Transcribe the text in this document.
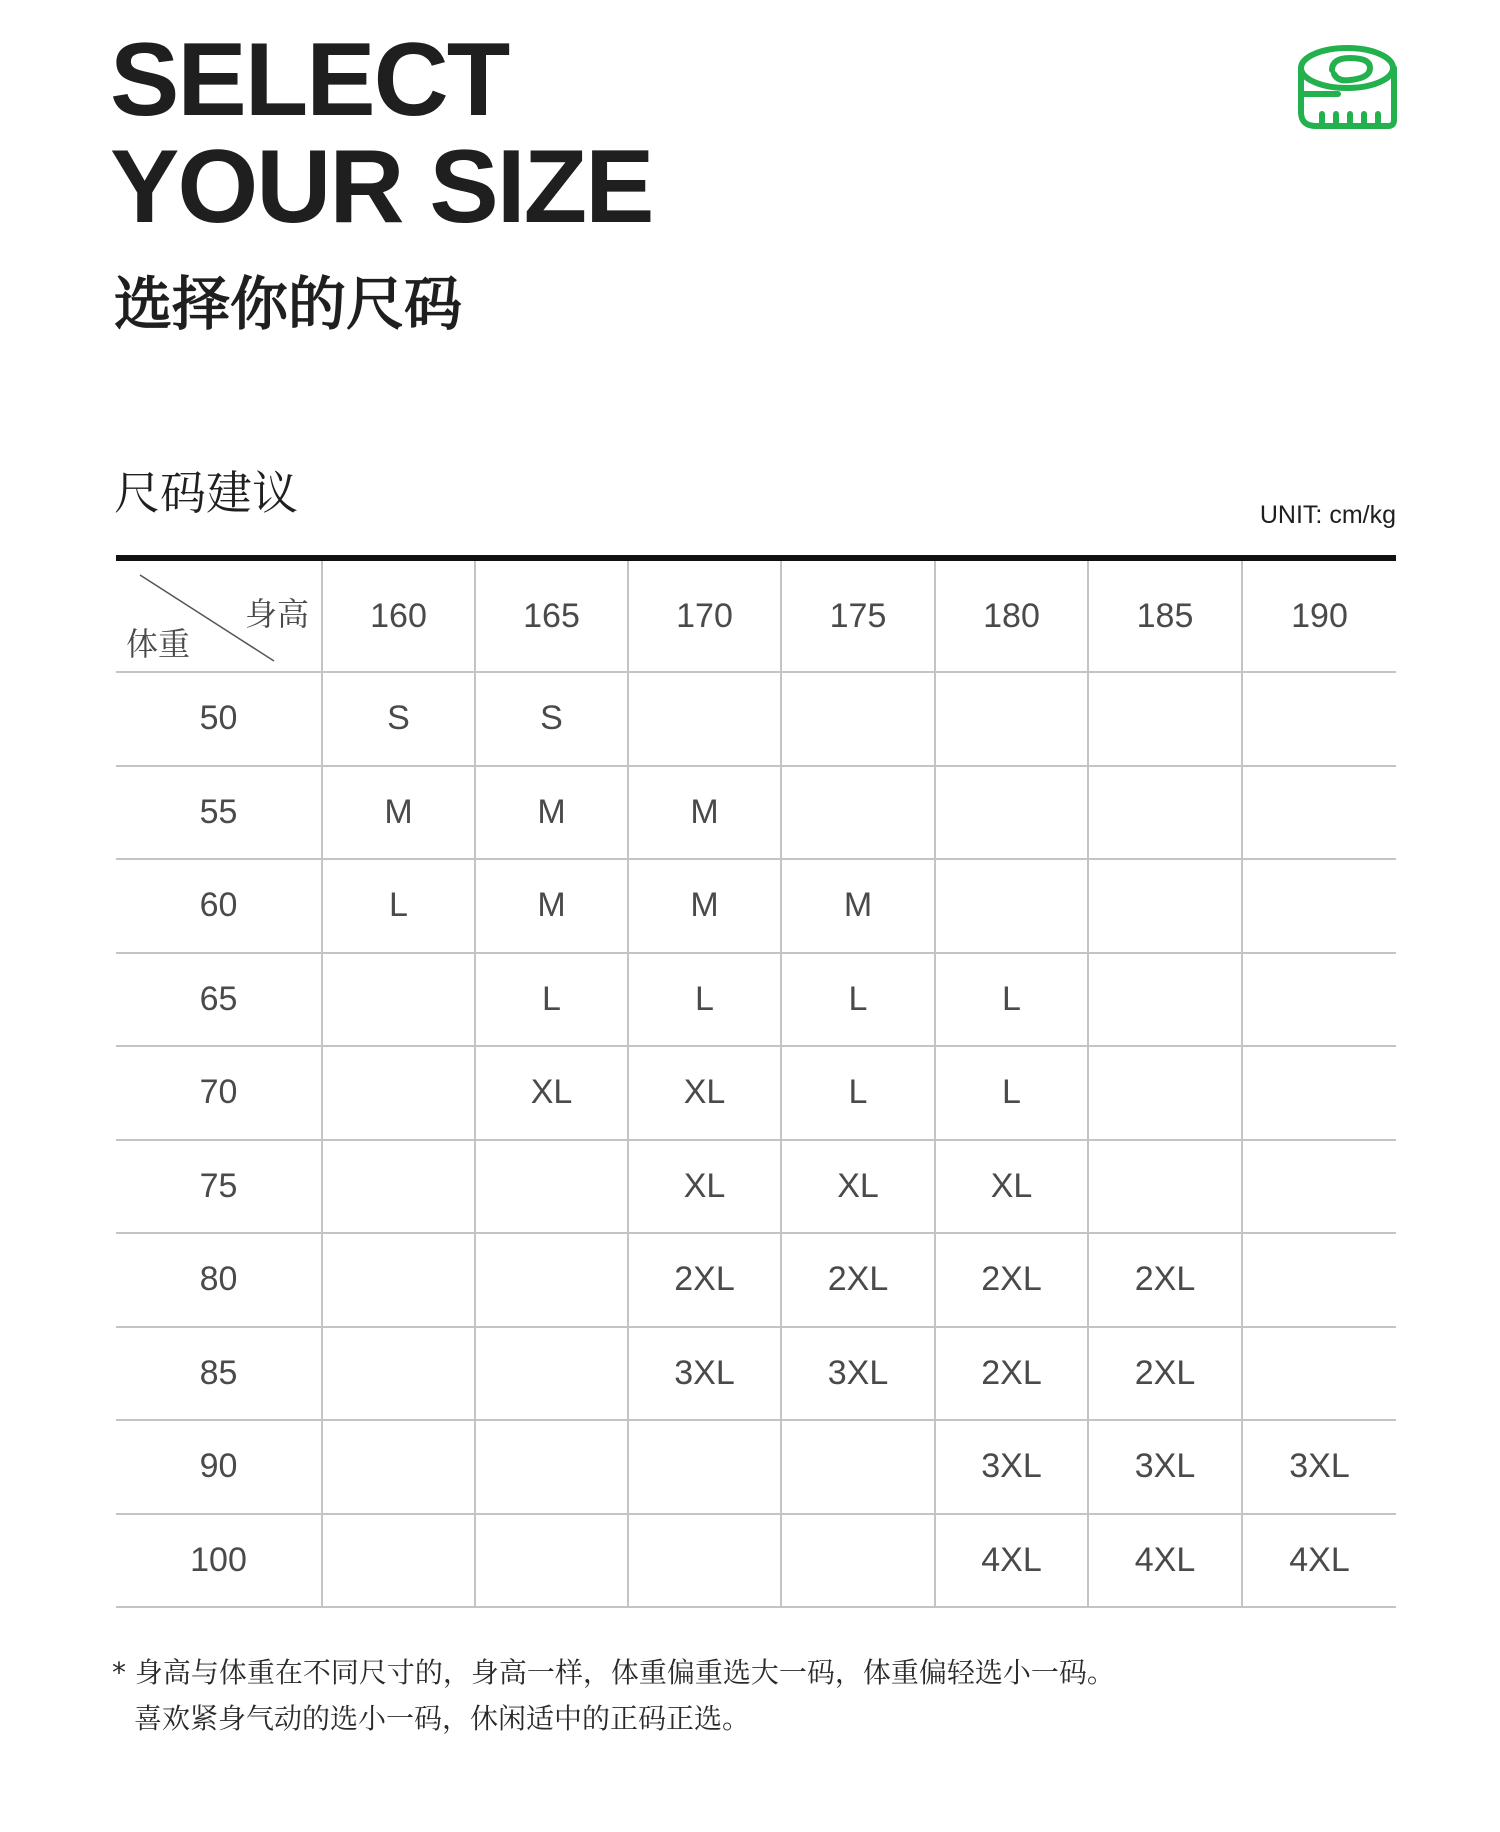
SELECT
YOUR SIZE
选择你的尺码
尺码建议	UNIT: cm/kg
身高
体重	160	165	170	175	180	185	190
50	S	S					
55	M	M	M				
60	L	M	M	M			
65		L	L	L	L		
70		XL	XL	L	L		
75			XL	XL	XL		
80			2XL	2XL	2XL	2XL	
85			3XL	3XL	2XL	2XL	
90					3XL	3XL	3XL
100					4XL	4XL	4XL
* 身高与体重在不同尺寸的，身高一样，体重偏重选大一码，体重偏轻选小一码。
喜欢紧身气动的选小一码，休闲适中的正码正选。
